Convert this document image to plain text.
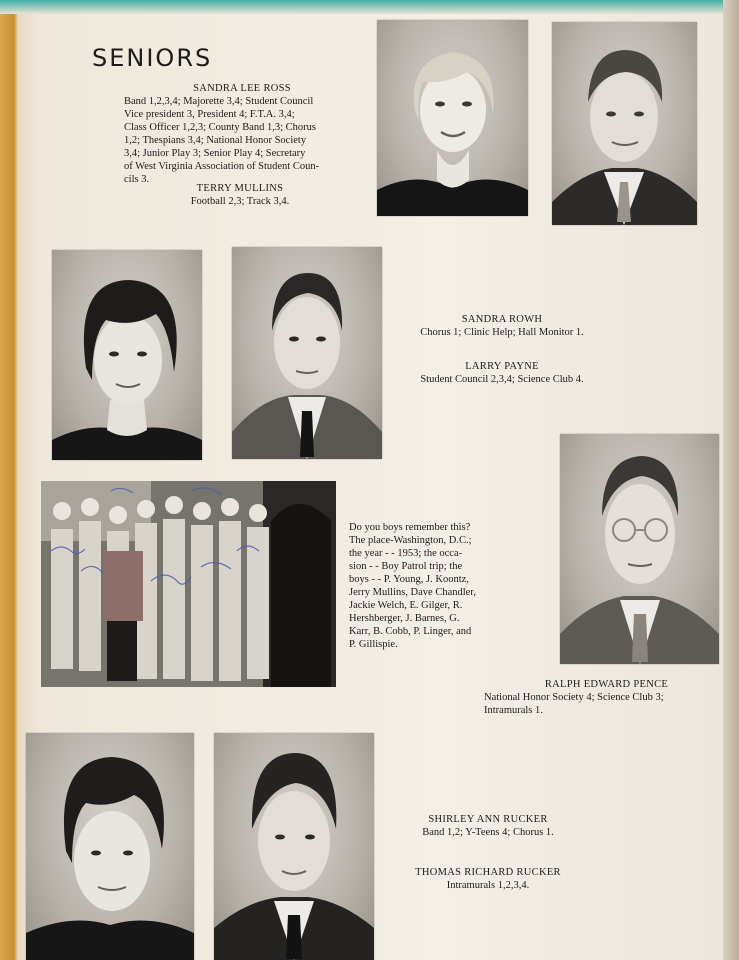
SENIORS
SANDRA LEE ROSS
Band 1,2,3,4; Majorette 3,4; Student Council
Vice president 3, President 4; F.T.A. 3,4;
Class Officer 1,2,3; County Band 1,3; Chorus
1,2; Thespians 3,4; National Honor Society
3,4; Junior Play 3; Senior Play 4; Secretary
of West Virginia Association of Student Coun-
cils 3.
TERRY MULLINS
Football 2,3; Track 3,4.
SANDRA ROWH
Chorus 1; Clinic Help; Hall Monitor 1.
LARRY PAYNE
Student Council 2,3,4; Science Club 4.
Do you boys remember this?
The place-Washington, D.C.;
the year - - 1953; the occa-
sion - - Boy Patrol trip; the
boys - - P. Young, J. Koontz,
Jerry Mullins, Dave Chandler,
Jackie Welch, E. Gilger, R.
Hershberger, J. Barnes, G.
Karr, B. Cobb, P. Linger, and
P. Gillispie.
RALPH EDWARD PENCE
National Honor Society 4; Science Club 3;
Intramurals 1.
SHIRLEY ANN RUCKER
Band 1,2; Y-Teens 4; Chorus 1.
THOMAS RICHARD RUCKER
Intramurals 1,2,3,4.
